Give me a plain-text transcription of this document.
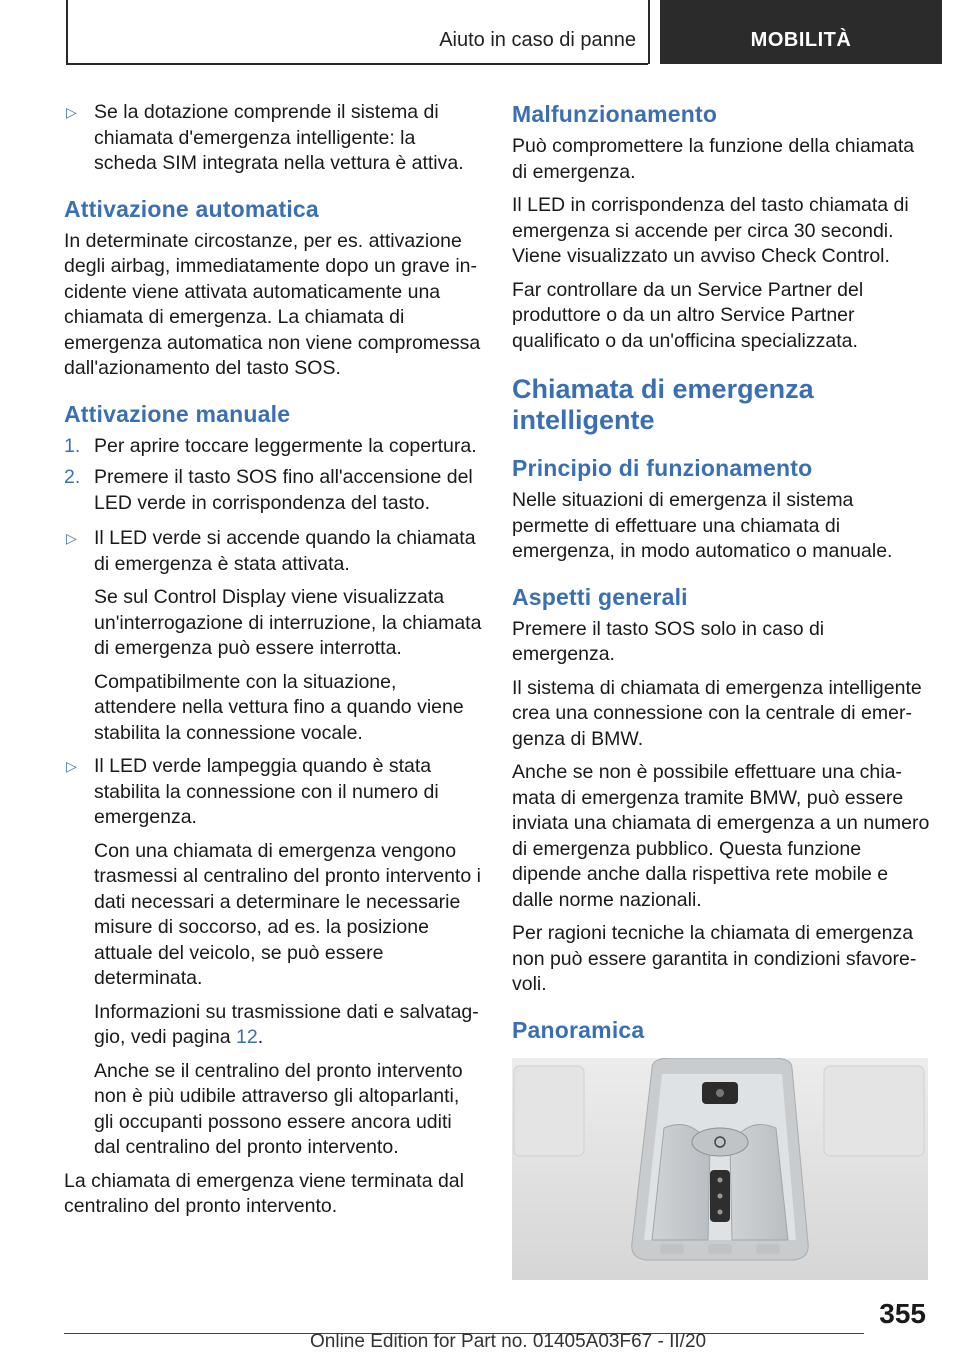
Aiuto in caso di panne	MOBILITÀ
▷ Se la dotazione comprende il sistema di chiamata d'emergenza intelligente: la scheda SIM integrata nella vettura è attiva.
Attivazione automatica

In determinate circostanze, per es. attivazione degli airbag, immediatamente dopo un grave incidente viene attivata automaticamente una chiamata di emergenza. La chiamata di emergenza automatica non viene compromessa dall'azionamento del tasto SOS.

Attivazione manuale
1. Per aprire toccare leggermente la copertura.
2. Premere il tasto SOS fino all'accensione del LED verde in corrispondenza del tasto.
▷ Il LED verde si accende quando la chiamata di emergenza è stata attivata.
Se sul Control Display viene visualizzata un'interrogazione di interruzione, la chiamata di emergenza può essere interrotta.
Compatibilmente con la situazione, attendere nella vettura fino a quando viene stabilita la connessione vocale.
▷ Il LED verde lampeggia quando è stata stabilita la connessione con il numero di emergenza.
Con una chiamata di emergenza vengono trasmessi al centralino del pronto intervento i dati necessari a determinare le necessarie misure di soccorso, ad es. la posizione attuale del veicolo, se può essere determinata.
Informazioni su trasmissione dati e salvataggio, vedi pagina 12.
Anche se il centralino del pronto intervento non è più udibile attraverso gli altoparlanti, gli occupanti possono essere ancora uditi dal centralino del pronto intervento.

La chiamata di emergenza viene terminata dal centralino del pronto intervento.

Malfunzionamento

Può compromettere la funzione della chiamata di emergenza.

Il LED in corrispondenza del tasto chiamata di emergenza si accende per circa 30 secondi. Viene visualizzato un avviso Check Control.

Far controllare da un Service Partner del produttore o da un altro Service Partner qualificato o da un'officina specializzata.

Chiamata di emergenza intelligente
Principio di funzionamento

Nelle situazioni di emergenza il sistema permette di effettuare una chiamata di emergenza, in modo automatico o manuale.

Aspetti generali

Premere il tasto SOS solo in caso di emergenza.

Il sistema di chiamata di emergenza intelligente crea una connessione con la centrale di emergenza di BMW.

Anche se non è possibile effettuare una chiamata di emergenza tramite BMW, può essere inviata una chiamata di emergenza a un numero di emergenza pubblico. Questa funzione dipende anche dalla rispettiva rete mobile e dalle norme nazionali.

Per ragioni tecniche la chiamata di emergenza non può essere garantita in condizioni sfavorevoli.

Panoramica
355
Online Edition for Part no. 01405A03F67 - II/20
